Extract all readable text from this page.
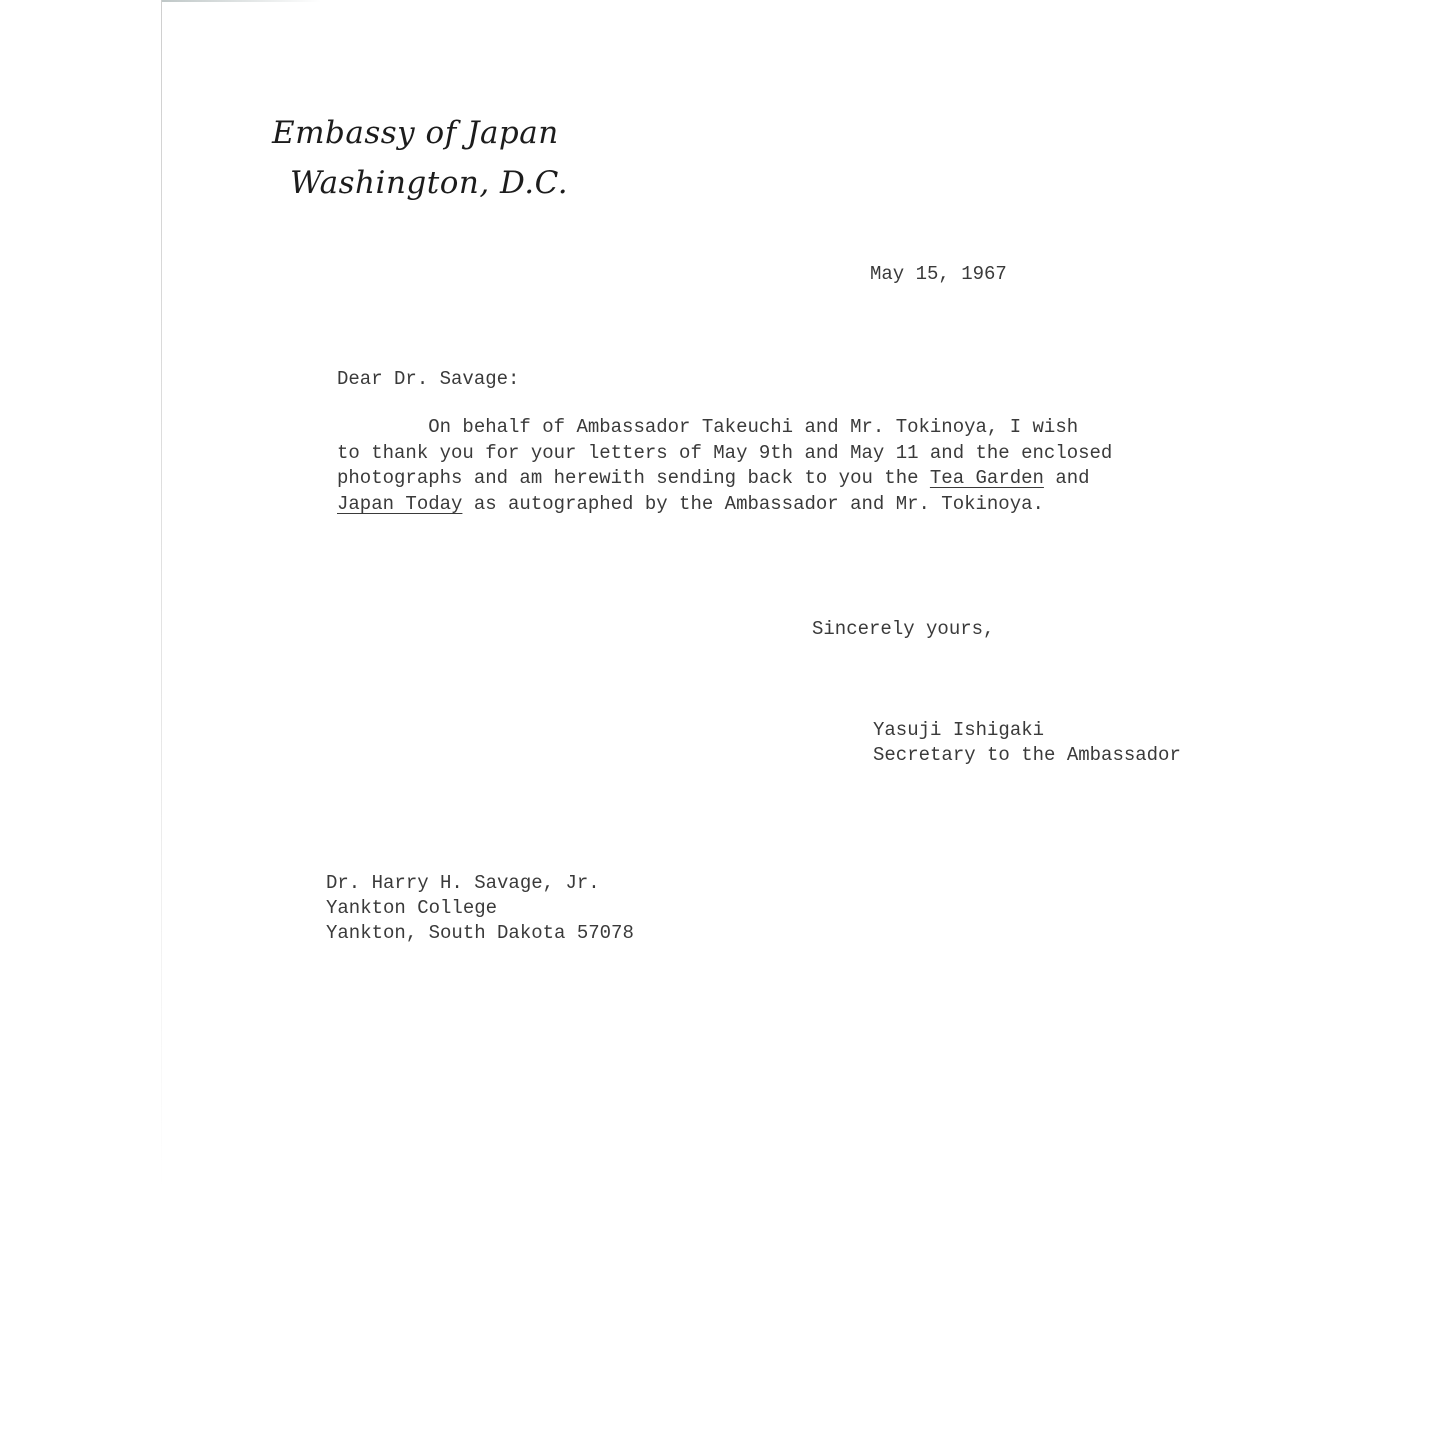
Embassy of Japan
Washington, D.C.
May 15, 1967
Dear Dr. Savage:
On behalf of Ambassador Takeuchi and Mr. Tokinoya, I wish
to thank you for your letters of May 9th and May 11 and the enclosed
photographs and am herewith sending back to you the Tea Garden and
Japan Today as autographed by the Ambassador and Mr. Tokinoya.
Sincerely yours,
Yasuji Ishigaki
Secretary to the Ambassador
Dr. Harry H. Savage, Jr.
Yankton College
Yankton, South Dakota 57078
